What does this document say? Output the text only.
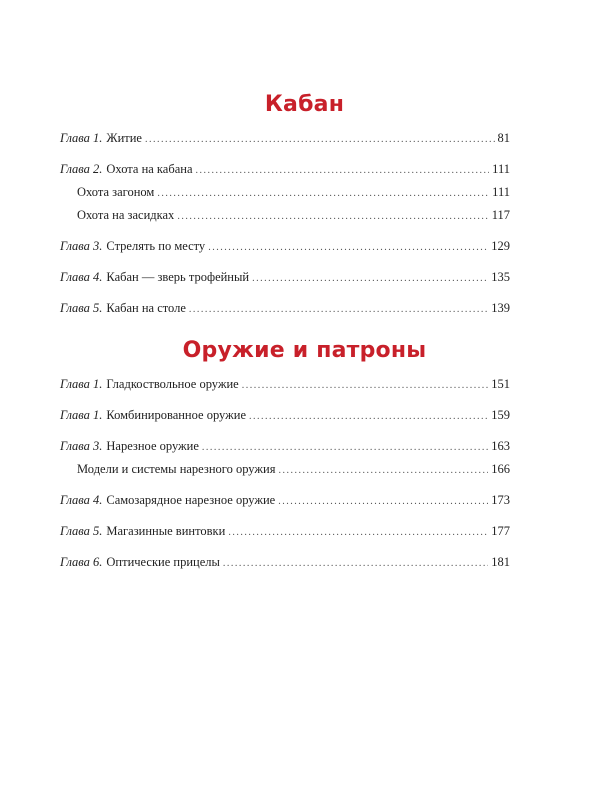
Кабан
Глава 1. Житие .....	81
Глава 2. Охота на кабана .....	111
Охота загоном .....	111
Охота на засидках .....	117
Глава 3. Стрелять по месту .....	129
Глава 4. Кабан — зверь трофейный .....	135
Глава 5. Кабан на столе .....	139
Оружие и патроны
Глава 1. Гладкоствольное оружие .....	151
Глава 1. Комбинированное оружие .....	159
Глава 3. Нарезное оружие .....	163
Модели и системы нарезного оружия .....	166
Глава 4. Самозарядное нарезное оружие .....	173
Глава 5. Магазинные винтовки .....	177
Глава 6. Оптические прицелы .....	181
